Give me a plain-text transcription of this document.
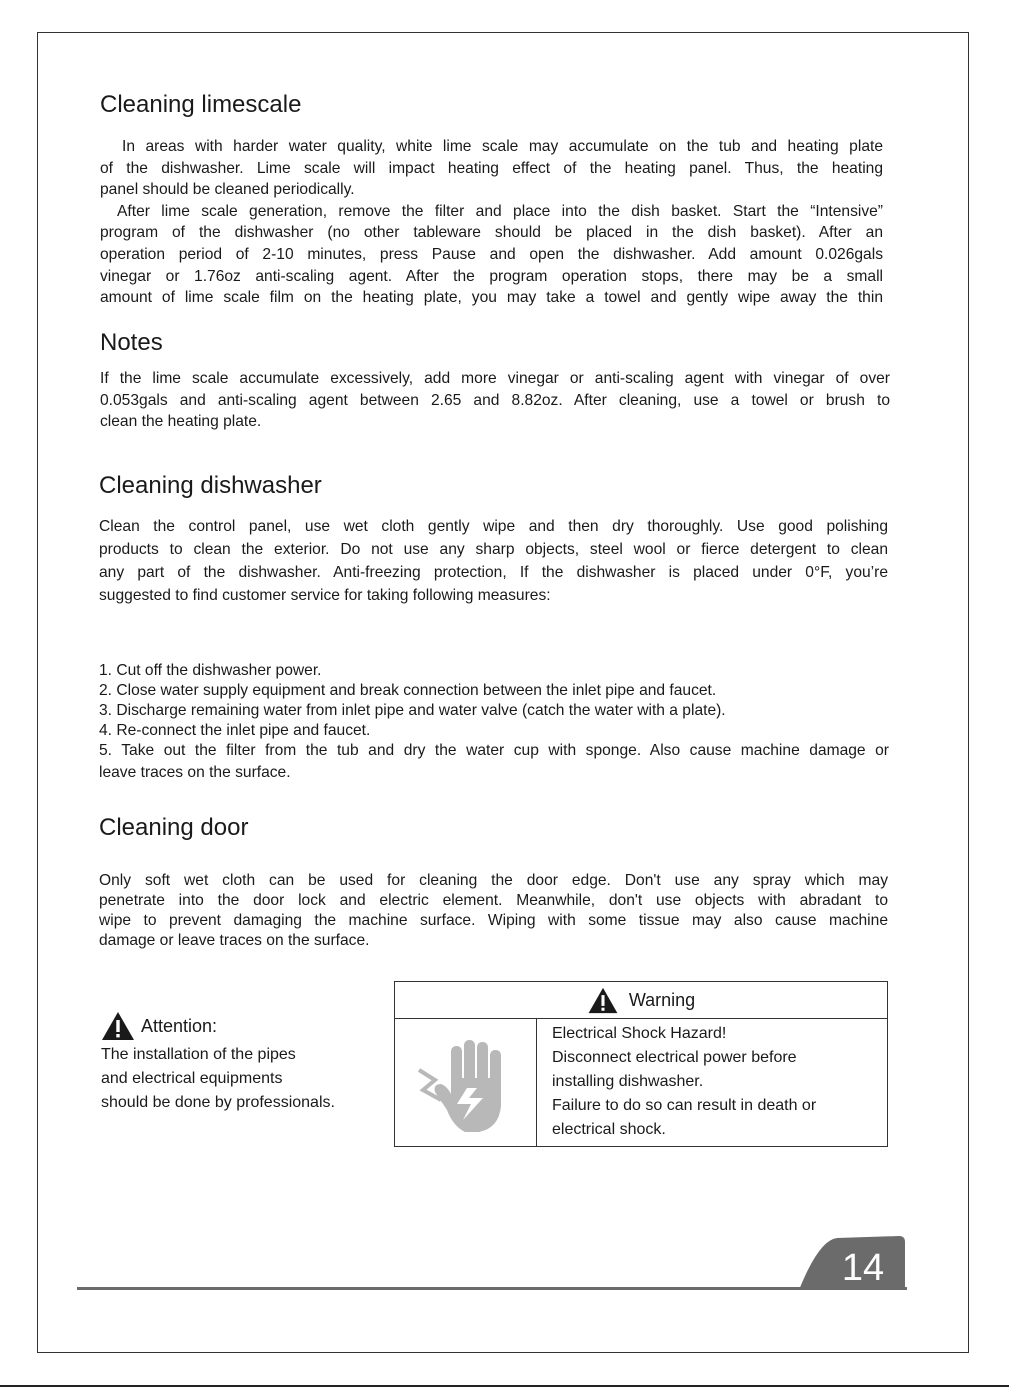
Cleaning limescale
In areas with harder water quality, white lime scale may accumulate on the tub and heating plate
of the dishwasher. Lime scale will impact heating effect of the heating panel. Thus, the heating
panel should be cleaned periodically.
After lime scale generation, remove the filter and place into the dish basket. Start the “Intensive”
program of the dishwasher (no other tableware should be placed in the dish basket). After an
operation period of 2-10 minutes, press Pause and open the dishwasher. Add amount 0.026gals
vinegar or 1.76oz anti-scaling agent. After the program operation stops, there may be a small
amount of lime scale film on the heating plate, you may take a towel and gently wipe away the thin
Notes
If the lime scale accumulate excessively, add more vinegar or anti-scaling agent with vinegar of over
0.053gals and anti-scaling agent between 2.65 and 8.82oz. After cleaning, use a towel or brush to
clean the heating plate.
Cleaning dishwasher
Clean the control panel, use wet cloth gently wipe and then dry thoroughly. Use good polishing
products to clean the exterior. Do not use any sharp objects, steel wool or fierce detergent to clean
any part of the dishwasher. Anti-freezing protection, If the dishwasher is placed under 0°F, you’re
suggested to find customer service for taking following measures:
1. Cut off the dishwasher power.
2. Close water supply equipment and break connection between the inlet pipe and faucet.
3. Discharge remaining water from inlet pipe and water valve (catch the water with a plate).
4. Re-connect the inlet pipe and faucet.
5. Take out the filter from the tub and dry the water cup with sponge. Also cause machine damage or
leave traces on the surface.
Cleaning door
Only soft wet cloth can be used for cleaning the door edge. Don't use any spray which may
penetrate into the door lock and electric element. Meanwhile, don't use objects with abradant to
wipe to prevent damaging the machine surface. Wiping with some tissue may also cause machine
damage or leave traces on the surface.
Attention:
The installation of the pipes
and electrical equipments
should be done by professionals.
Warning
Electrical Shock Hazard!
Disconnect electrical power before
installing dishwasher.
Failure to do so can result in death or
electrical shock.
14
